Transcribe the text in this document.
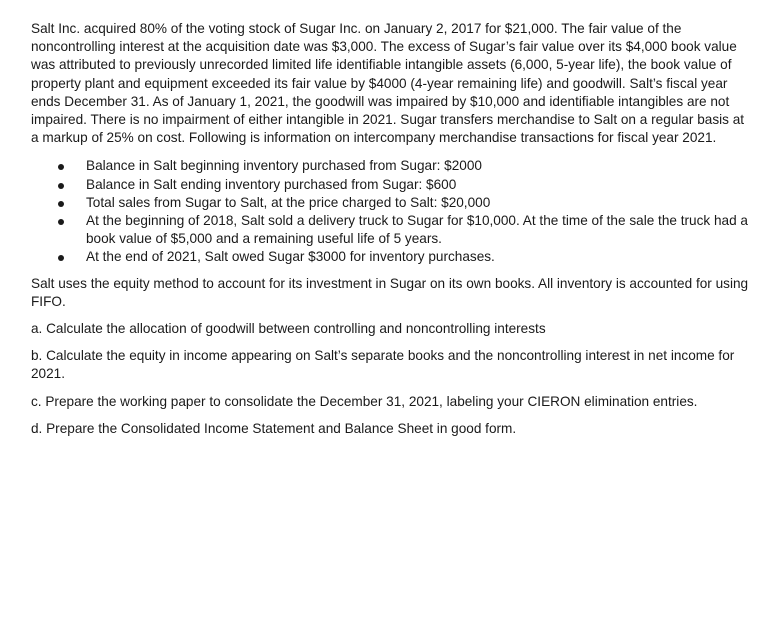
Salt Inc. acquired 80% of the voting stock of Sugar Inc. on January 2, 2017 for $21,000. The fair value of the noncontrolling interest at the acquisition date was $3,000. The excess of Sugar’s fair value over its $4,000 book value was attributed to previously unrecorded limited life identifiable intangible assets (6,000, 5-year life), the book value of property plant and equipment exceeded its fair value by $4000 (4-year remaining life) and goodwill. Salt’s fiscal year ends December 31. As of January 1, 2021, the goodwill was impaired by $10,000 and identifiable intangibles are not impaired. There is no impairment of either intangible in 2021. Sugar transfers merchandise to Salt on a regular basis at a markup of 25% on cost. Following is information on intercompany merchandise transactions for fiscal year 2021.

Balance in Salt beginning inventory purchased from Sugar: $2000
Balance in Salt ending inventory purchased from Sugar: $600
Total sales from Sugar to Salt, at the price charged to Salt: $20,000
At the beginning of 2018, Salt sold a delivery truck to Sugar for $10,000. At the time of the sale the truck had a book value of $5,000 and a remaining useful life of 5 years.
At the end of 2021, Salt owed Sugar $3000 for inventory purchases.

Salt uses the equity method to account for its investment in Sugar on its own books. All inventory is accounted for using FIFO.

a. Calculate the allocation of goodwill between controlling and noncontrolling interests

b. Calculate the equity in income appearing on Salt’s separate books and the noncontrolling interest in net income for 2021.

c. Prepare the working paper to consolidate the December 31, 2021, labeling your CIERON elimination entries.

d. Prepare the Consolidated Income Statement and Balance Sheet in good form.
